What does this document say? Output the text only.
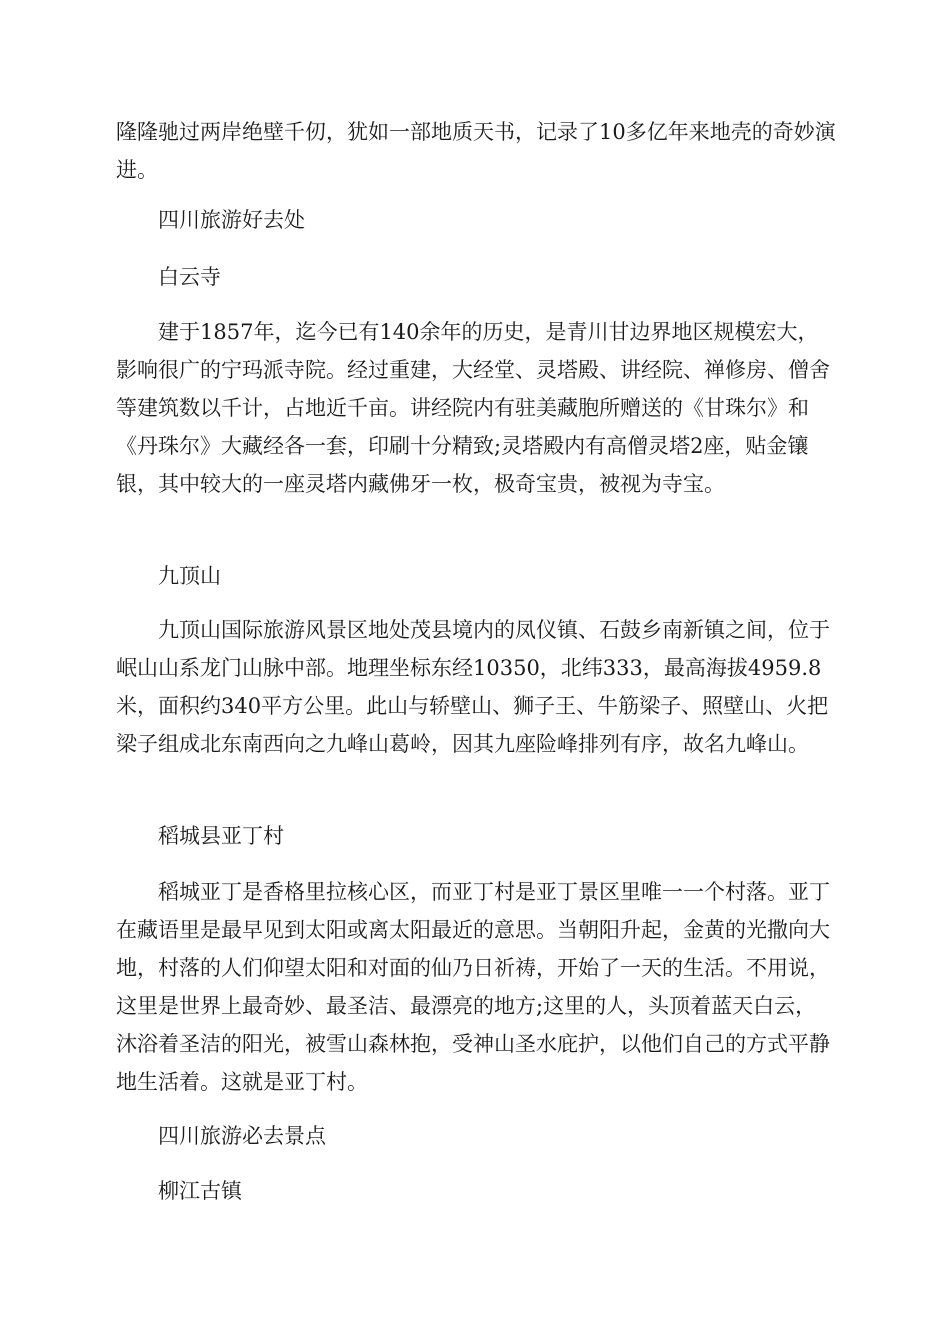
隆隆驰过两岸绝壁千仞，犹如一部地质天书，记录了10多亿年来地壳的奇妙演进。

四川旅游好去处

白云寺

建于1857年，迄今已有140余年的历史，是青川甘边界地区规模宏大，影响很广的宁玛派寺院。经过重建，大经堂、灵塔殿、讲经院、禅修房、僧舍等建筑数以千计，占地近千亩。讲经院内有驻美藏胞所赠送的《甘珠尔》和《丹珠尔》大藏经各一套，印刷十分精致;灵塔殿内有高僧灵塔2座，贴金镶银，其中较大的一座灵塔内藏佛牙一枚，极奇宝贵，被视为寺宝。

九顶山

九顶山国际旅游风景区地处茂县境内的凤仪镇、石鼓乡南新镇之间，位于岷山山系龙门山脉中部。地理坐标东经10350，北纬333，最高海拔4959.8米，面积约340平方公里。此山与轿壁山、狮子王、牛筋梁子、照壁山、火把梁子组成北东南西向之九峰山葛岭，因其九座险峰排列有序，故名九峰山。

稻城县亚丁村

稻城亚丁是香格里拉核心区，而亚丁村是亚丁景区里唯一一个村落。亚丁在藏语里是最早见到太阳或离太阳最近的意思。当朝阳升起，金黄的光撒向大地，村落的人们仰望太阳和对面的仙乃日祈祷，开始了一天的生活。不用说，这里是世界上最奇妙、最圣洁、最漂亮的地方;这里的人，头顶着蓝天白云，沐浴着圣洁的阳光，被雪山森林抱，受神山圣水庇护，以他们自己的方式平静地生活着。这就是亚丁村。

四川旅游必去景点

柳江古镇
